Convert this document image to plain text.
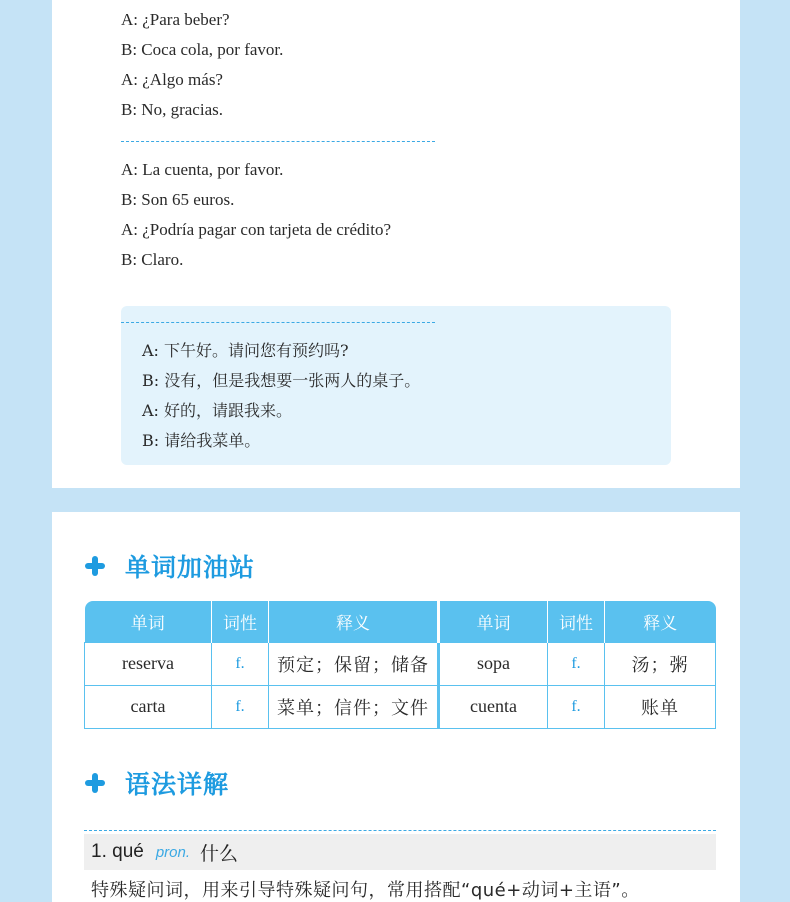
A: ¿Para beber?
B: Coca cola, por favor.
A: ¿Algo más?
B: No, gracias.
A: La cuenta, por favor.
B: Son 65 euros.
A: ¿Podría pagar con tarjeta de crédito?
B: Claro.
A: 下午好。请问您有预约吗?
B: 没有，但是我想要一张两人的桌子。
A: 好的，请跟我来。
B: 请给我菜单。
单词加油站
单词	词性	释义	单词	词性	释义
reserva	f.	预定；保留；储备	sopa	f.	汤；粥
carta	f.	菜单；信件；文件	cuenta	f.	账单
语法详解
1. qué pron. 什么
特殊疑问词，用来引导特殊疑问句，常用搭配“qué+动词+主语”。
